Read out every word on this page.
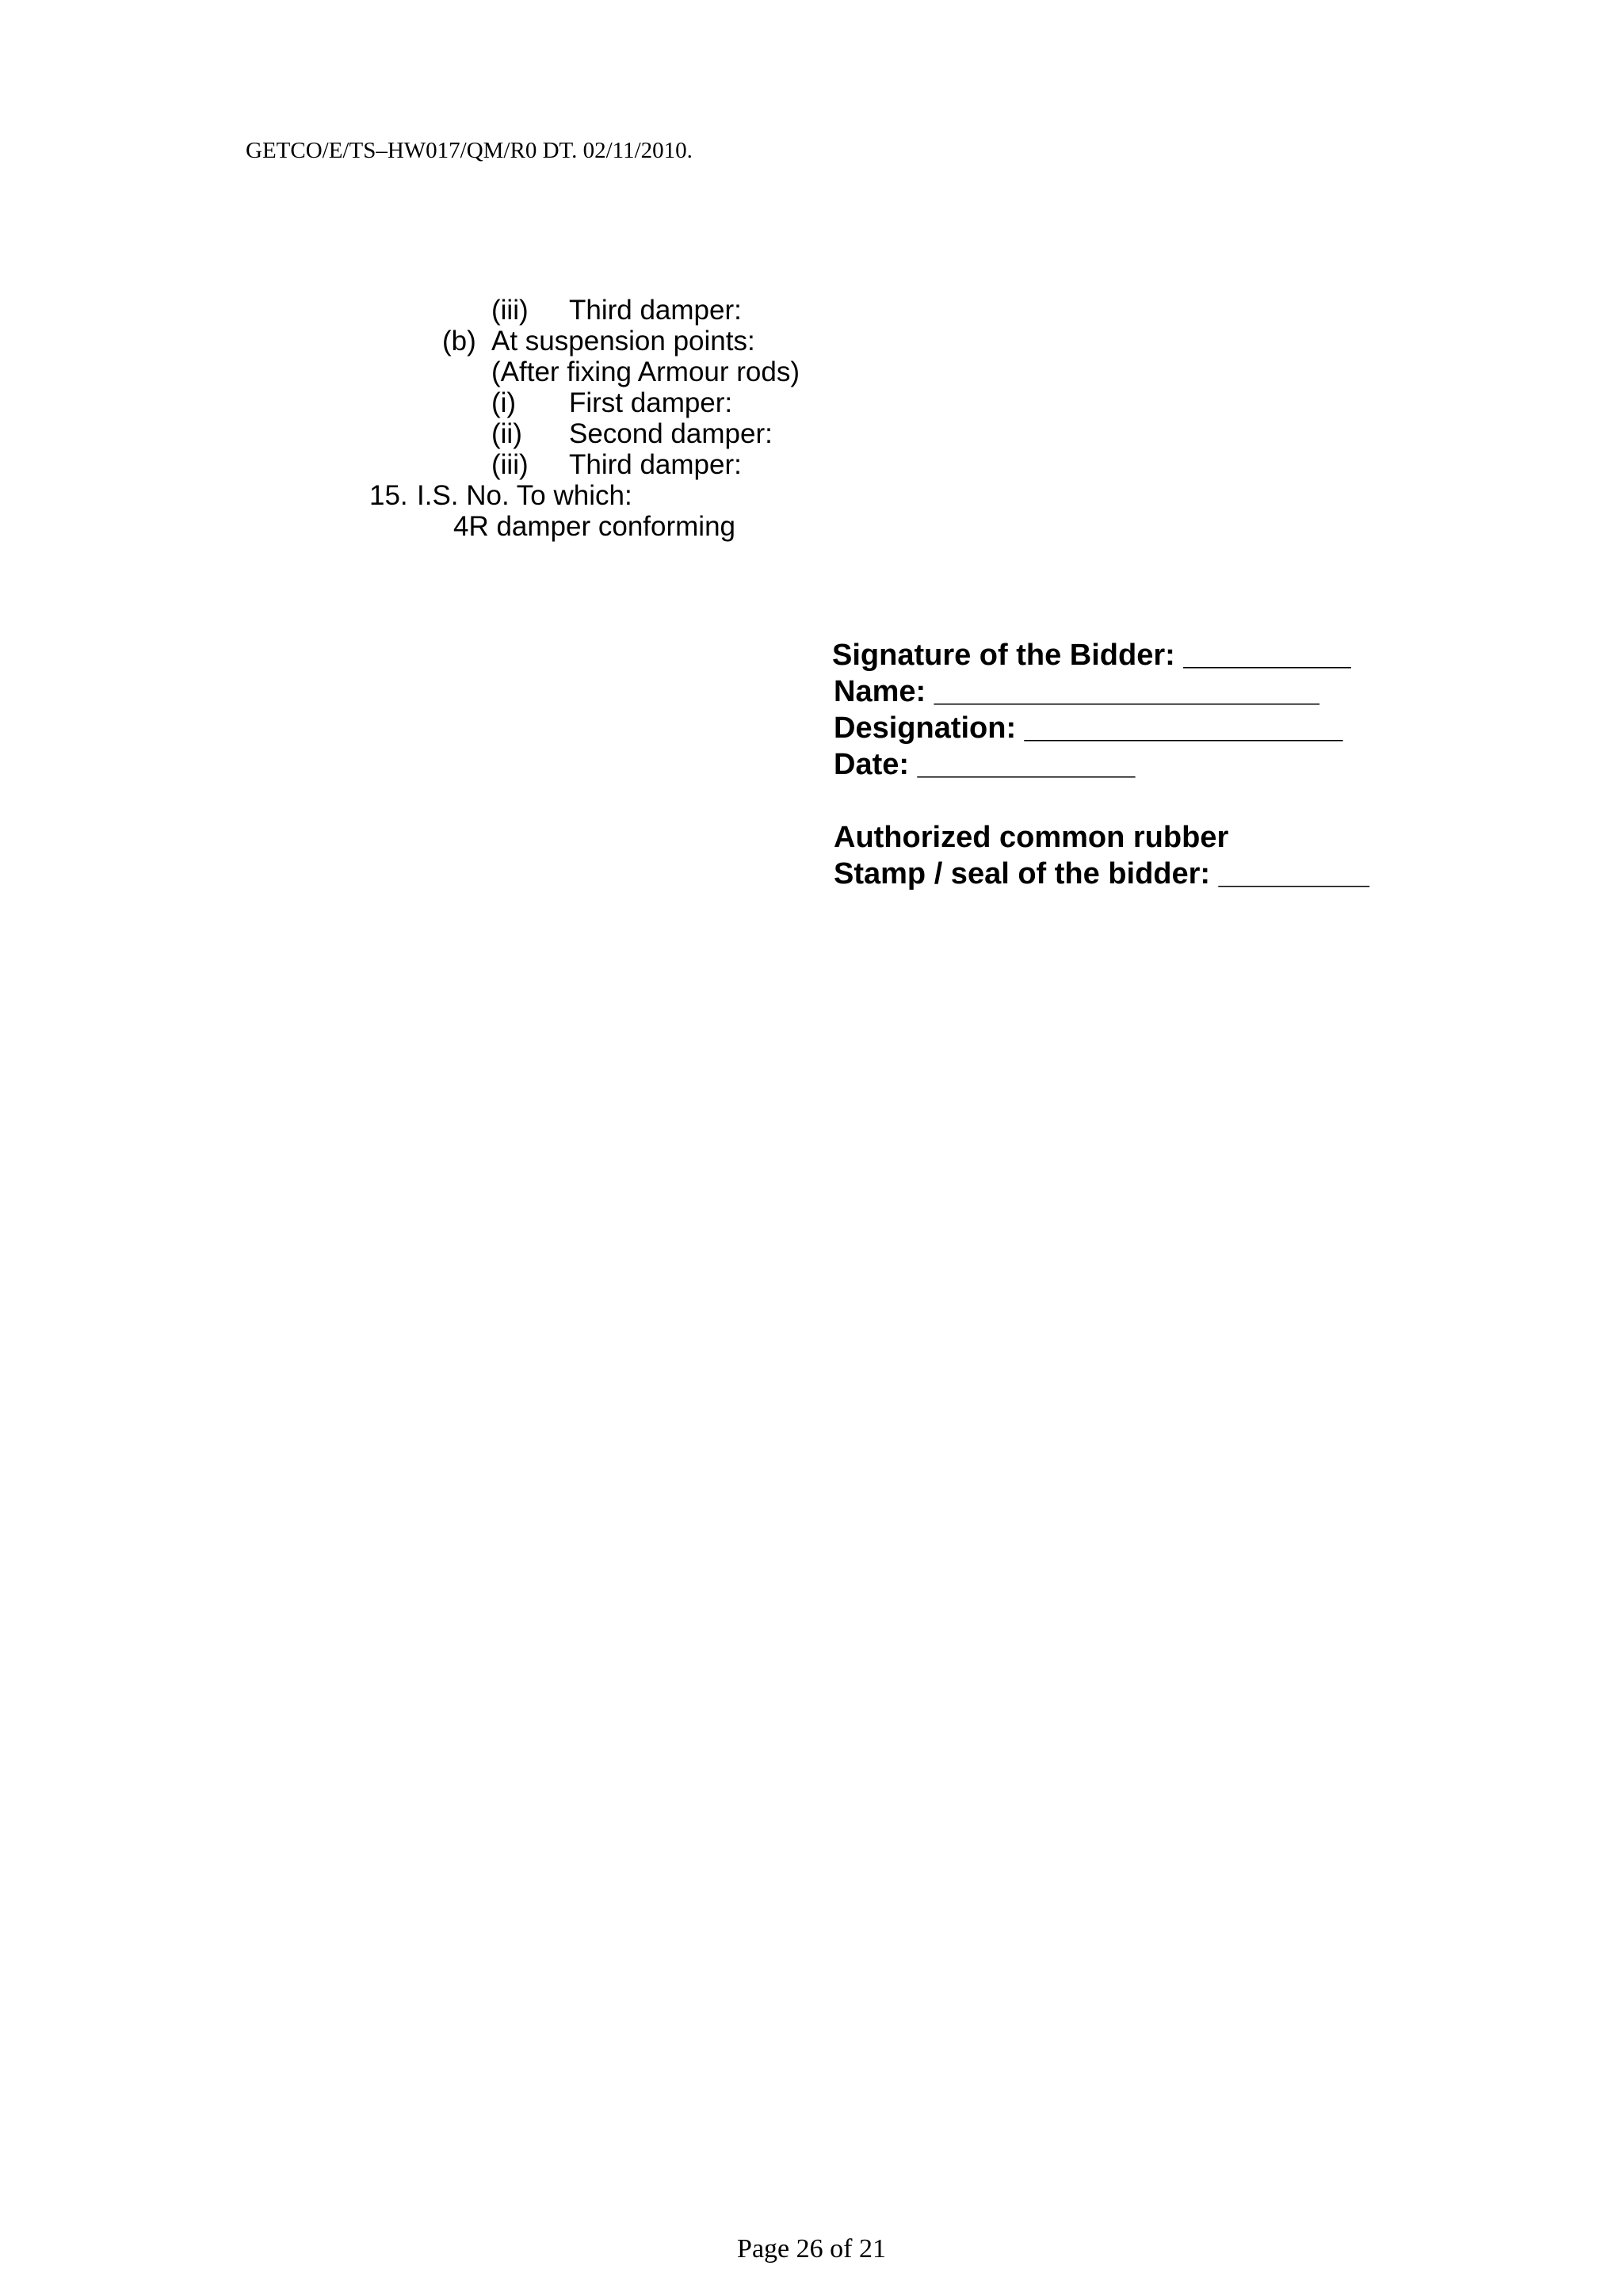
GETCO/E/TS–HW017/QM/R0 DT. 02/11/2010.
(iii) Third damper:
(b) At suspension points:
(After fixing Armour rods)
(i) First damper:
(ii) Second damper:
(iii) Third damper:
15. I.S. No. To which:
4R damper conforming
Signature of the Bidder: __________
Name: _______________________
Designation: ___________________
Date: _____________
Authorized common rubber
Stamp / seal of the bidder: _________
Page 26 of 21
